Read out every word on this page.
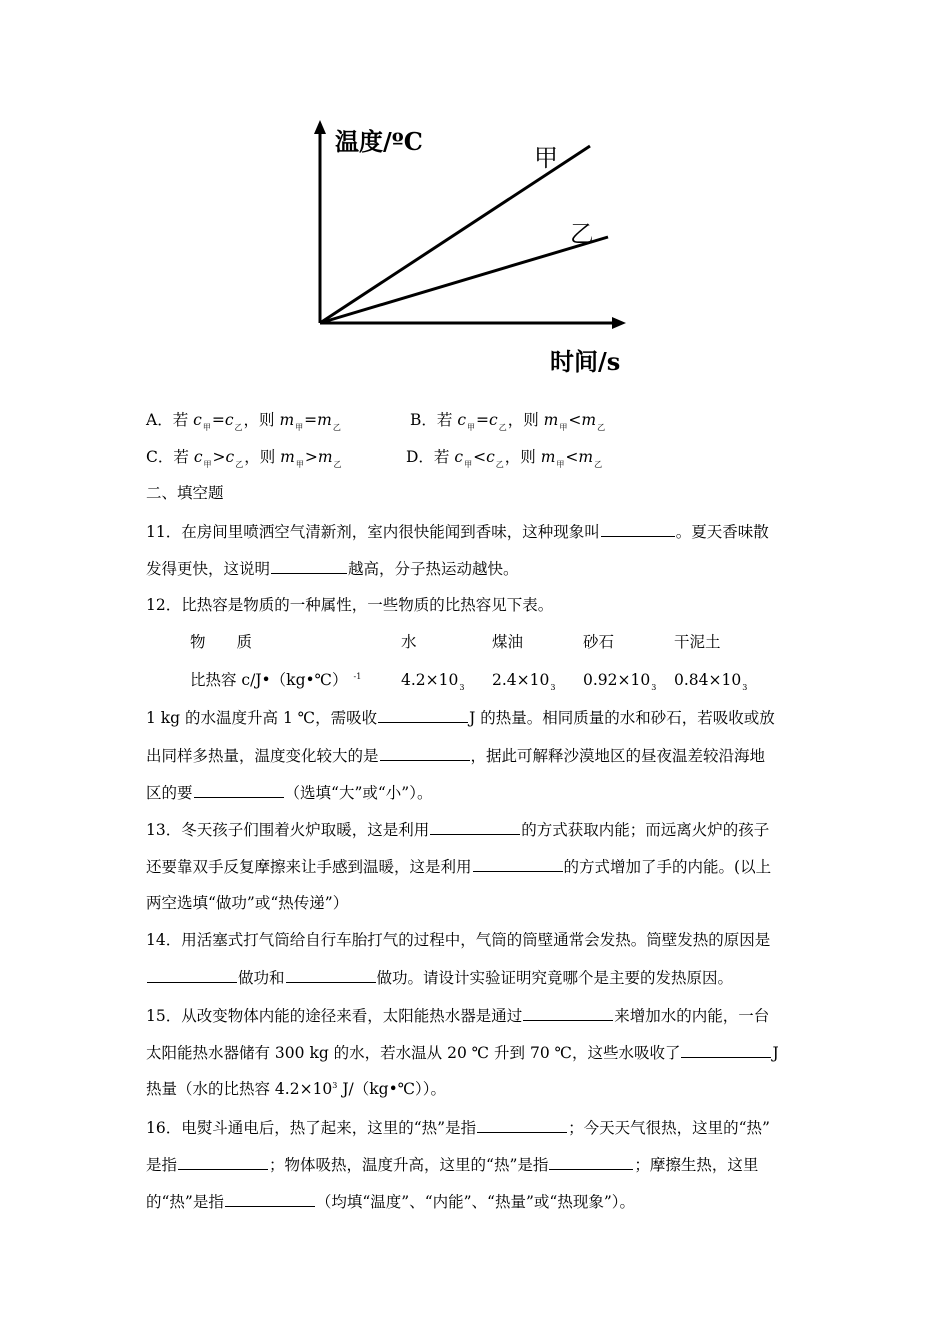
温度/ºC
时间/s
甲
乙
A．若 $c_甲=c_乙$，则 $m_甲=m_乙$	B．若 $c_甲=c_乙$，则 $m_甲<m_乙$
C．若 $c_甲>c_乙$，则 $m_甲>m_乙$	D．若 $c_甲<c_乙$，则 $m_甲<m_乙$
二、填空题
11．在房间里喷洒空气清新剂，室内很快能闻到香味，这种现象叫	。夏天香味散
发得更快，这说明	越高，分子热运动越快。
12．比热容是物质的一种属性，一些物质的比热容见下表。
物　　质	水	煤油	砂石	干泥土
比热容 c/J•（kg•℃） $^{-1}$	$4.2\times 10_3$ $2.4\times 10_3$ $0.92\times 10_3$ $0.84\times 10_3$
1 kg 的水温度升高 1 ℃，需吸收	J 的热量。相同质量的水和砂石，若吸收或放
出同样多热量，温度变化较大的是	，据此可解释沙漠地区的昼夜温差较沿海地
区的要	（选填“大”或“小”）。
13．冬天孩子们围着火炉取暖，这是利用	的方式获取内能；而远离火炉的孩子
还要靠双手反复摩擦来让手感到温暖，这是利用	的方式增加了手的内能。(以上
两空选填“做功”或“热传递”）
14．用活塞式打气筒给自行车胎打气的过程中，气筒的筒壁通常会发热。筒壁发热的原因是
做功和	做功。请设计实验证明究竟哪个是主要的发热原因。
15．从改变物体内能的途径来看，太阳能热水器是通过	来增加水的内能，一台
太阳能热水器储有 300 kg 的水，若水温从 20 ℃ 升到 70 ℃，这些水吸收了	J
热量（水的比热容 $4.2\times 10^3$ J/（kg•℃））。
16．电熨斗通电后，热了起来，这里的“热”是指	；今天天气很热，这里的“热”
是指	；物体吸热，温度升高，这里的“热”是指	；摩擦生热，这里
的“热”是指	（均填“温度”、“内能”、“热量”或“热现象”）。
